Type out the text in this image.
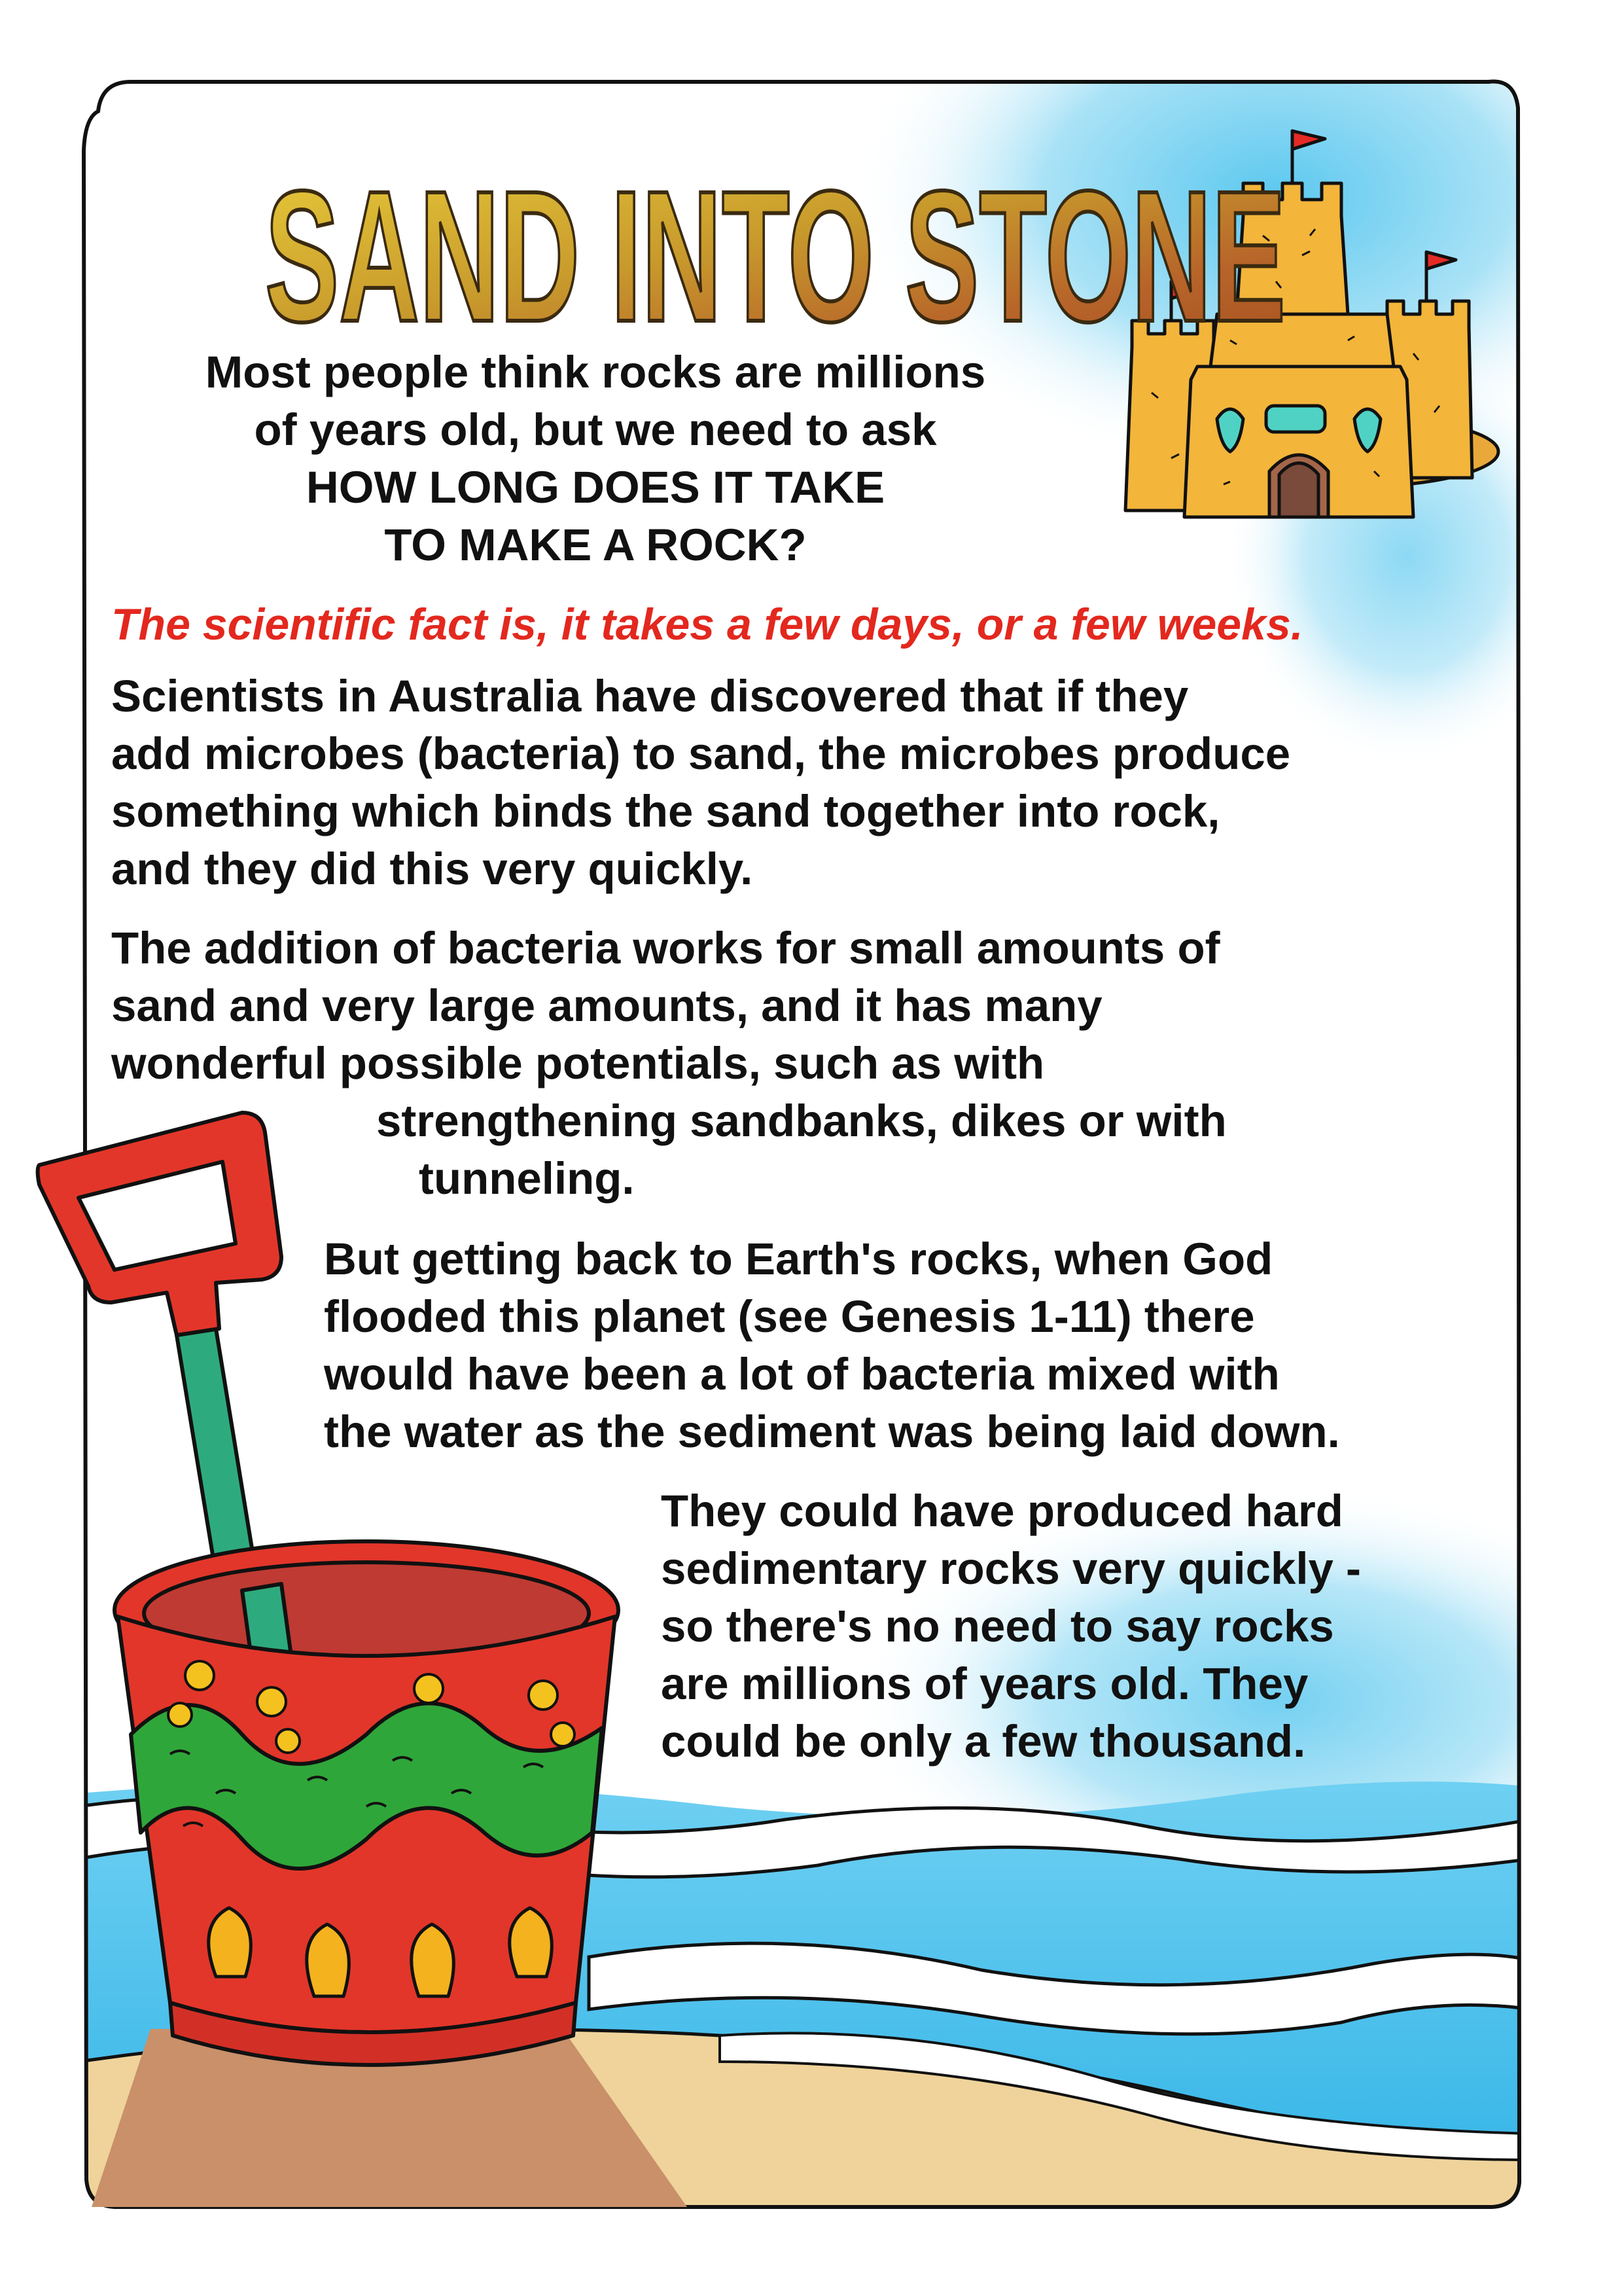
SAND INTO STONE
Most people think rocks are millions
of years old, but we need to ask
HOW LONG DOES IT TAKE
TO MAKE A ROCK?
The scientific fact is, it takes a few days, or a few weeks.
Scientists in Australia have discovered that if they
add microbes (bacteria) to sand, the microbes produce
something which binds the sand together into rock,
and they did this very quickly.
The addition of bacteria works for small amounts of
sand and very large amounts, and it has many
wonderful possible potentials, such as with
strengthening sandbanks, dikes or with
tunneling.
But getting back to Earth's rocks, when God
flooded this planet (see Genesis 1-11) there
would have been a lot of bacteria mixed with
the water as the sediment was being laid down.
They could have produced hard
sedimentary rocks very quickly -
so there's no need to say rocks
are millions of years old. They
could be only a few thousand.
